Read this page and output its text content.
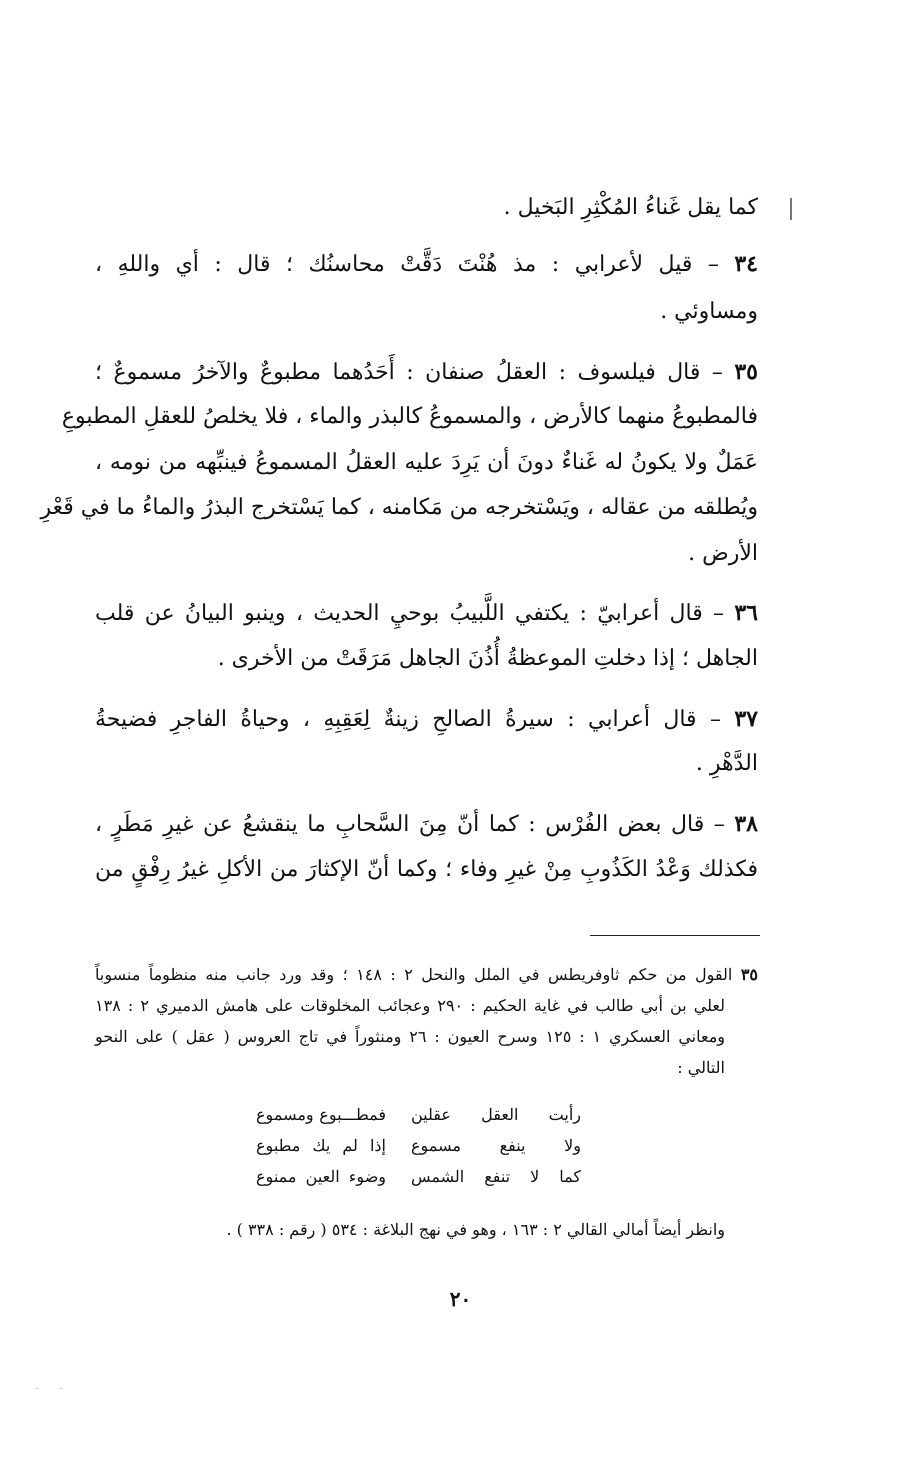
كما يقل غَناءُ المُكْثِرِ البَخيل .
٣٤ – قيل لأعرابي : مذ هُنْتَ دَقَّتْ محاسنُك ؛ قال : أي واللهِ ،
ومساوئي .
٣٥ – قال فيلسوف : العقلُ صنفان : أَحَدُهما مطبوعٌ والآخرُ مسموعٌ ؛
فالمطبوعُ منهما كالأرض ، والمسموعُ كالبذر والماء ، فلا يخلصُ للعقلِ المطبوعِ
عَمَلٌ ولا يكونُ له غَناءٌ دونَ أن يَرِدَ عليه العقلُ المسموعُ فينبِّهه من نومه ،
ويُطلقه من عقاله ، ويَسْتخرجه من مَكامنه ، كما يَسْتخرج البذرُ والماءُ ما في قَعْرِ
الأرض .
٣٦ – قال أعرابيّ : يكتفي اللَّبيبُ بوحيِ الحديث ، وينبو البيانُ عن قلب
الجاهل ؛ إذا دخلتِ الموعظةُ أُذُنَ الجاهل مَرَقَتْ من الأخرى .
٣٧ – قال أعرابي : سيرةُ الصالحِ زينةٌ لِعَقِبِهِ ، وحياةُ الفاجرِ فضيحةُ
الدَّهْرِ .
٣٨ – قال بعض الفُرْس : كما أنّ مِنَ السَّحابِ ما ينقشعُ عن غيرِ مَطَرٍ ،
فكذلك وَعْدُ الكَذُوبِ مِنْ غيرِ وفاء ؛ وكما أنّ الإكثارَ من الأكلِ غيرُ رِفْقٍ من
٣٥ القول من حكم ثاوفريطس في الملل والنحل ٢ : ١٤٨ ؛ وقد ورد جانب منه منظوماً منسوباً
لعلي بن أبي طالب في غاية الحكيم : ٢٩٠ وعجائب المخلوقات على هامش الدميري ٢ : ١٣٨
ومعاني العسكري ١ : ١٢٥ وسرح العيون : ٢٦ ومنثوراً في تاج العروس ( عقل ) على النحو
التالي :
رأيت العقل عقلين
فمطـــبوع ومسموع
ولا ينفع مسموع
إذا لم يك مطبوع
كما لا تنفع الشمس
وضوء العين ممنوع
وانظر أيضاً أمالي القالي ٢ : ١٦٣ ، وهو في نهج البلاغة : ٥٣٤ ( رقم : ٣٣٨ ) .
٢٠
